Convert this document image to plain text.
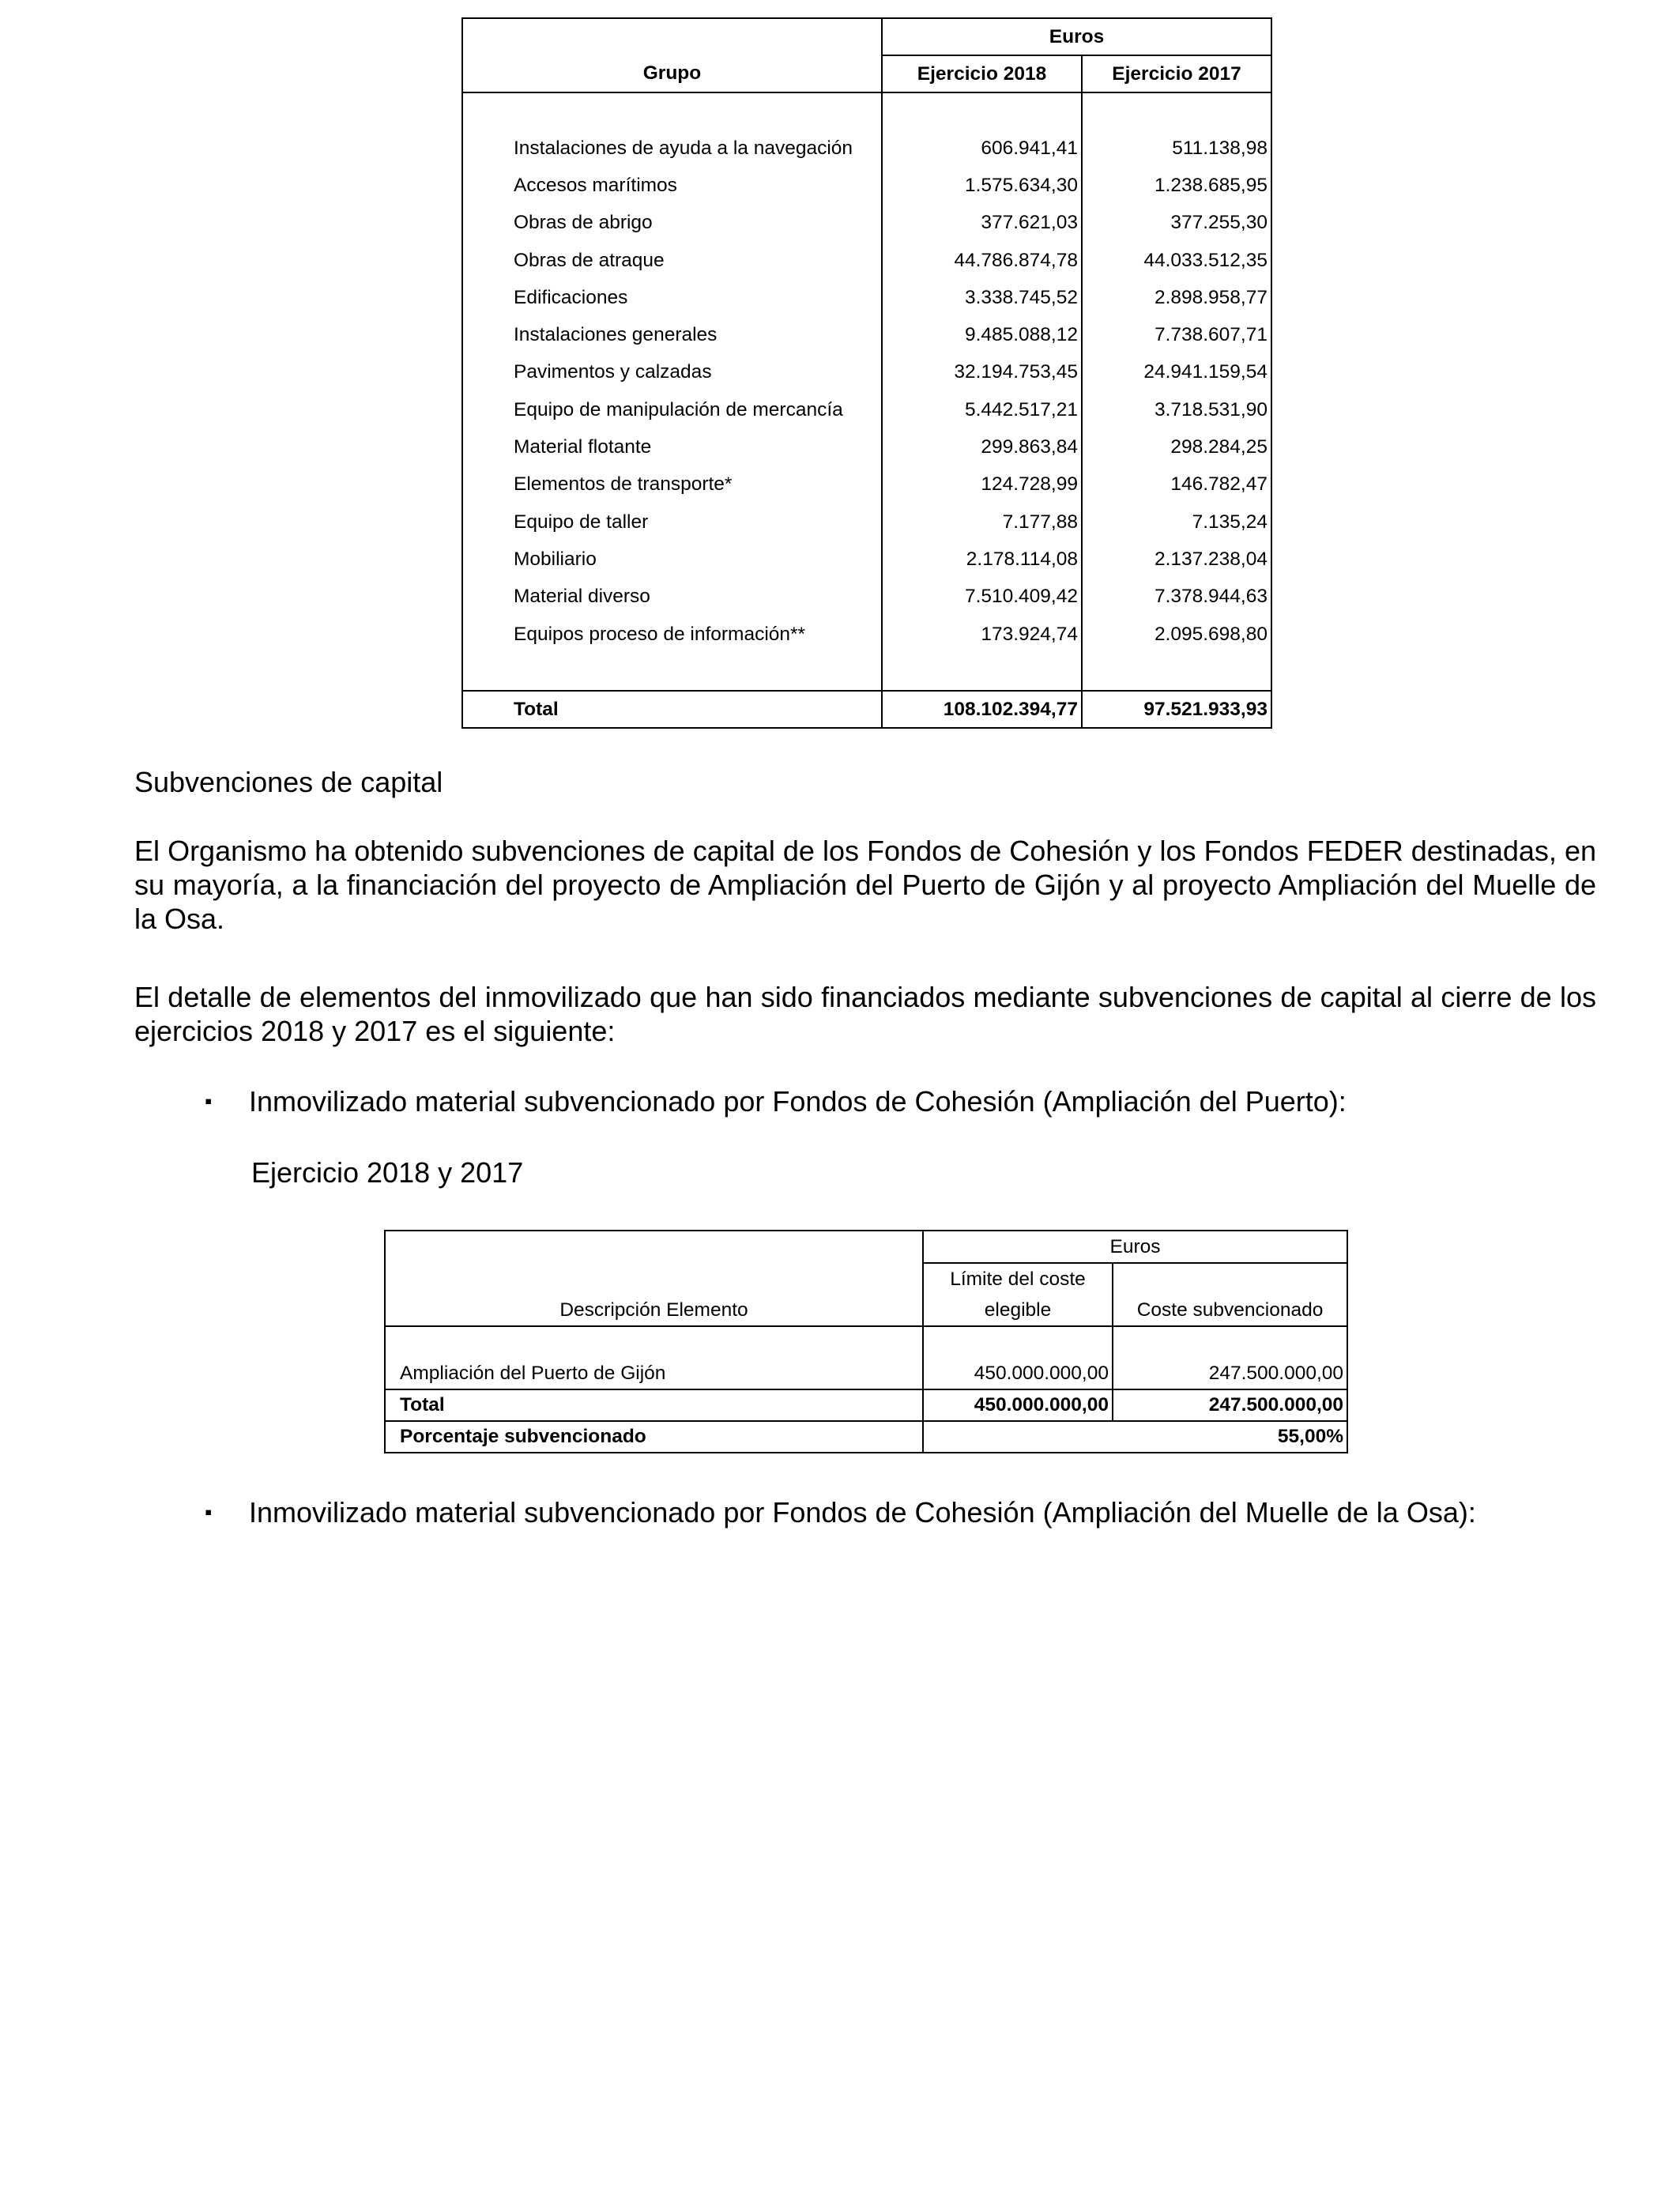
	Euros	
Grupo	Ejercicio 2018	Ejercicio 2017

Instalaciones de ayuda a la navegación	606.941,41	511.138,98
Accesos marítimos	1.575.634,30	1.238.685,95
Obras de abrigo	377.621,03	377.255,30
Obras de atraque	44.786.874,78	44.033.512,35
Edificaciones	3.338.745,52	2.898.958,77
Instalaciones generales	9.485.088,12	7.738.607,71
Pavimentos y calzadas	32.194.753,45	24.941.159,54
Equipo de manipulación de mercancía	5.442.517,21	3.718.531,90
Material flotante	299.863,84	298.284,25
Elementos de transporte*	124.728,99	146.782,47
Equipo de taller	7.177,88	7.135,24
Mobiliario	2.178.114,08	2.137.238,04
Material diverso	7.510.409,42	7.378.944,63
Equipos proceso de información**	173.924,74	2.095.698,80

Total	108.102.394,77	97.521.933,93
Subvenciones de capital
El Organismo ha obtenido subvenciones de capital de los Fondos de Cohesión y los Fondos FEDER destinadas, en su mayoría, a la financiación del proyecto de Ampliación del Puerto de Gijón y al proyecto Ampliación del Muelle de la Osa.
El detalle de elementos del inmovilizado que han sido financiados mediante subvenciones de capital al cierre de los ejercicios 2018 y 2017 es el siguiente:
▪ Inmovilizado material subvencionado por Fondos de Cohesión (Ampliación del Puerto):
Ejercicio 2018 y 2017
	Euros	
	Límite del coste	
Descripción Elemento	elegible	Coste subvencionado

Ampliación del Puerto de Gijón	450.000.000,00	247.500.000,00
Total	450.000.000,00	247.500.000,00
Porcentaje subvencionado		55,00%
▪ Inmovilizado material subvencionado por Fondos de Cohesión (Ampliación del Muelle de la Osa):
